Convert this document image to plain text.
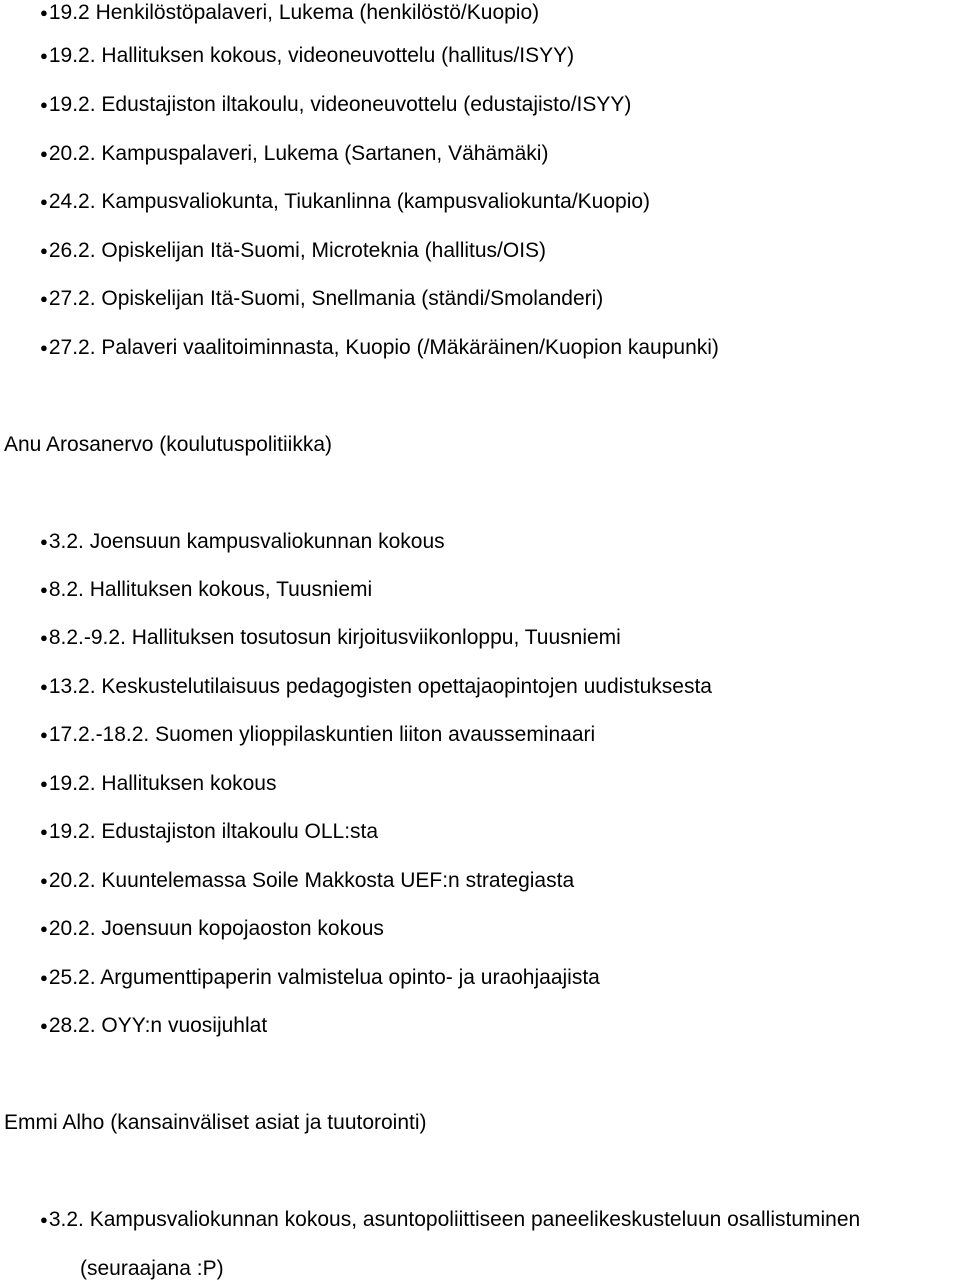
●19.2 Henkilöstöpalaveri, Lukema (henkilöstö/Kuopio)
●19.2. Hallituksen kokous, videoneuvottelu (hallitus/ISYY)
●19.2. Edustajiston iltakoulu, videoneuvottelu (edustajisto/ISYY)
●20.2. Kampuspalaveri, Lukema (Sartanen, Vähämäki)
●24.2. Kampusvaliokunta, Tiukanlinna (kampusvaliokunta/Kuopio)
●26.2. Opiskelijan Itä-Suomi, Microteknia (hallitus/OIS)
●27.2. Opiskelijan Itä-Suomi, Snellmania (ständi/Smolanderi)
●27.2. Palaveri vaalitoiminnasta, Kuopio (/Mäkäräinen/Kuopion kaupunki)
Anu Arosanervo (koulutuspolitiikka)
●3.2. Joensuun kampusvaliokunnan kokous
●8.2. Hallituksen kokous, Tuusniemi
●8.2.-9.2. Hallituksen tosutosun kirjoitusviikonloppu, Tuusniemi
●13.2. Keskustelutilaisuus pedagogisten opettajaopintojen uudistuksesta
●17.2.-18.2. Suomen ylioppilaskuntien liiton avausseminaari
●19.2. Hallituksen kokous
●19.2. Edustajiston iltakoulu OLL:sta
●20.2. Kuuntelemassa Soile Makkosta UEF:n strategiasta
●20.2. Joensuun kopojaoston kokous
●25.2. Argumenttipaperin valmistelua opinto- ja uraohjaajista
●28.2. OYY:n vuosijuhlat
Emmi Alho (kansainväliset asiat ja tuutorointi)
●3.2. Kampusvaliokunnan kokous, asuntopoliittiseen paneelikeskusteluun osallistuminen
(seuraajana :P)
